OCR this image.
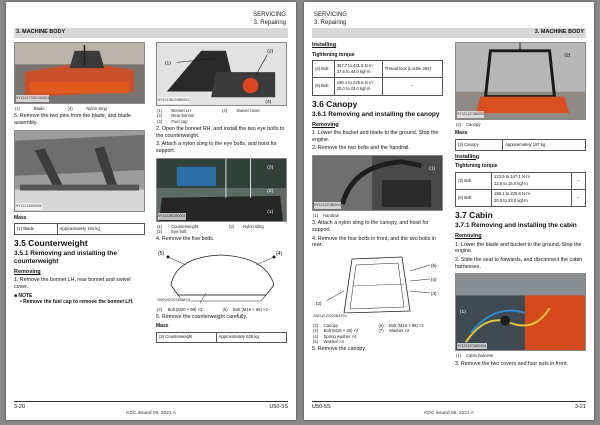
3. MACHINE BODY
SERVICING
3. Repairing
9Y1211772ZCX0001
(1)	Blade	(4)	Nylon sling
5. Remove the two pins from the blade, and blade assembly.
9Y1211ZIB0001
Mass
(1) Blade	Approximately 191 kg
3.5 Counterweight
3.5.1 Removing and installing the counterweight
Removing
1. Remove the bonnet LH, rear bonnet and swivel cover.
■ NOTE
• Remove the fuel cap to remove the bonnet LH.
(1)
(2)
(4)
9Y1211BCNIB0001
(1)	Bonnet LH	(4)	Swivel cover
(2)	Rear bonnet		
(3)	Fuel cap		
2. Open the bonnet RH, and install the two eye bolts to the counterweight.
3. Attach a nylon sling to the eye bolts, and hoist for support.
(3)
(2)
(1)
9Y1211BCB0001
(1)	Counterweight	(3)	Nylon sling
(2)	Eye bolt		
4. Remove the five bolts.
(5)	(4)
2W0Q9Z0024BAP01
(4)	Bolt (M20 × 98) ×3	(5)	Bolt (M16 × 69) ×2
5. Remove the counterweight carefully.
Mass
(3) Counterweight	Approximately 625 kg
3-20	U50-5S
KDC issued 09, 2021 A
SERVICING
3. Repairing
3. MACHINE BODY
Installing
Tightening torque
(4) Bolt	367.7 to 431.5 N·m
37.5 to 44.0 kgf·m	Thread lock (Loctite 262)
(6) Bolt	196.1 to 225.6 N·m
20.0 to 23.0 kgf·m	–
3.6 Canopy
3.6.1 Removing and installing the canopy
Removing
1. Lower the bucket and blade to the ground. Stop the engine.
2. Remove the two bolts and the handrail.
(1)
9Y1211ZCB0001
(1)	Handrail
3. Attach a nylon sling to the canopy, and hoist for support.
4. Remove the four bolts in front, and the two bolts in rear.
(5)
(4)
(3)
(2)
2W0QKZ0026BAP01
(2)	Canopy	(6)	Bolt (M16 × 98) ×2
(3)	Bolt (M16 × 45) ×4	(7)	Washer ×2
(4)	Spring washer ×4		
(5)	Washer ×4		
5. Remove the canopy.
(2)
9Y1211ZCB0002
(2)	Canopy
Mass
(2) Canopy	Approximately 197 kg
Installing
Tightening torque
(3) Bolt	123.6 to 147.1 N·m
12.6 to 15.0 kgf·m	–
(6) Bolt	196.1 to 225.6 N·m
20.0 to 23.0 kgf·m	–
3.7 Cabin
3.7.1 Removing and installing the cabin
Removing
1. Lower the blade and bucket to the ground. Stop the engine.
2. Slide the seat to forwards, and disconnect the cabin harnesses.
(1)
9Y1211ZCAB0001
(1)	Cabin harness
3. Remove the two covers and four nuts in front.
U50-5S	3-21
KDC issued 09, 2021 A
